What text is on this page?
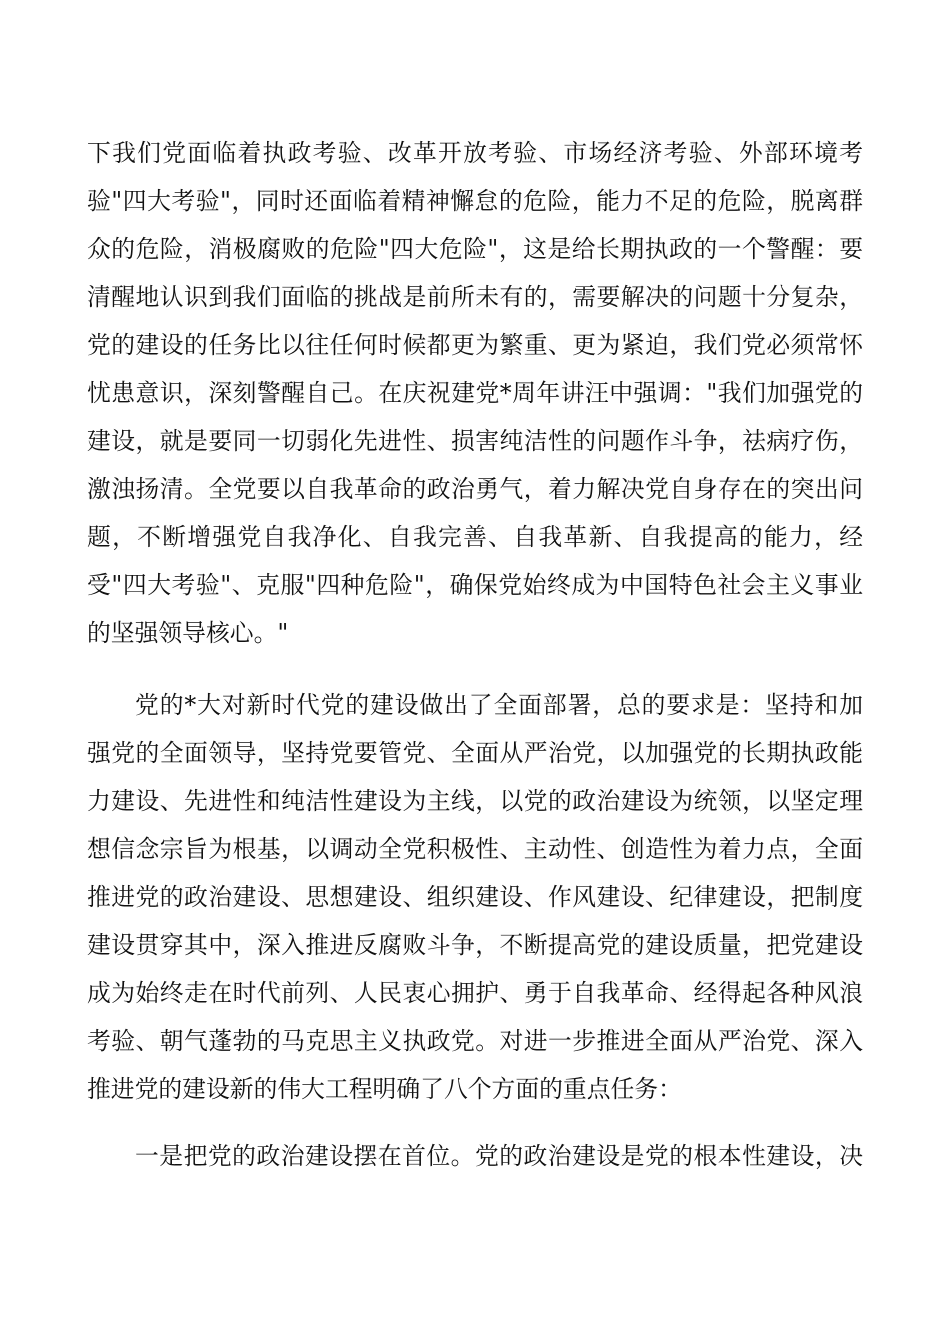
下我们党面临着执政考验、改革开放考验、市场经济考验、外部环境考
验"四大考验"，同时还面临着精神懈怠的危险，能力不足的危险，脱离群
众的危险，消极腐败的危险"四大危险"，这是给长期执政的一个警醒：要
清醒地认识到我们面临的挑战是前所未有的，需要解决的问题十分复杂，
党的建设的任务比以往任何时候都更为繁重、更为紧迫，我们党必须常怀
忧患意识，深刻警醒自己。在庆祝建党*周年讲汪中强调："我们加强党的
建设，就是要同一切弱化先进性、损害纯洁性的问题作斗争，祛病疗伤，
激浊扬清。全党要以自我革命的政治勇气，着力解决党自身存在的突出问
题，不断增强党自我净化、自我完善、自我革新、自我提高的能力，经
受"四大考验"、克服"四种危险"，确保党始终成为中国特色社会主义事业
的坚强领导核心。"
党的*大对新时代党的建设做出了全面部署，总的要求是：坚持和加
强党的全面领导，坚持党要管党、全面从严治党，以加强党的长期执政能
力建设、先进性和纯洁性建设为主线，以党的政治建设为统领，以坚定理
想信念宗旨为根基，以调动全党积极性、主动性、创造性为着力点，全面
推进党的政治建设、思想建设、组织建设、作风建设、纪律建设，把制度
建设贯穿其中，深入推进反腐败斗争，不断提高党的建设质量，把党建设
成为始终走在时代前列、人民衷心拥护、勇于自我革命、经得起各种风浪
考验、朝气蓬勃的马克思主义执政党。对进一步推进全面从严治党、深入
推进党的建设新的伟大工程明确了八个方面的重点任务：
一是把党的政治建设摆在首位。党的政治建设是党的根本性建设，决
